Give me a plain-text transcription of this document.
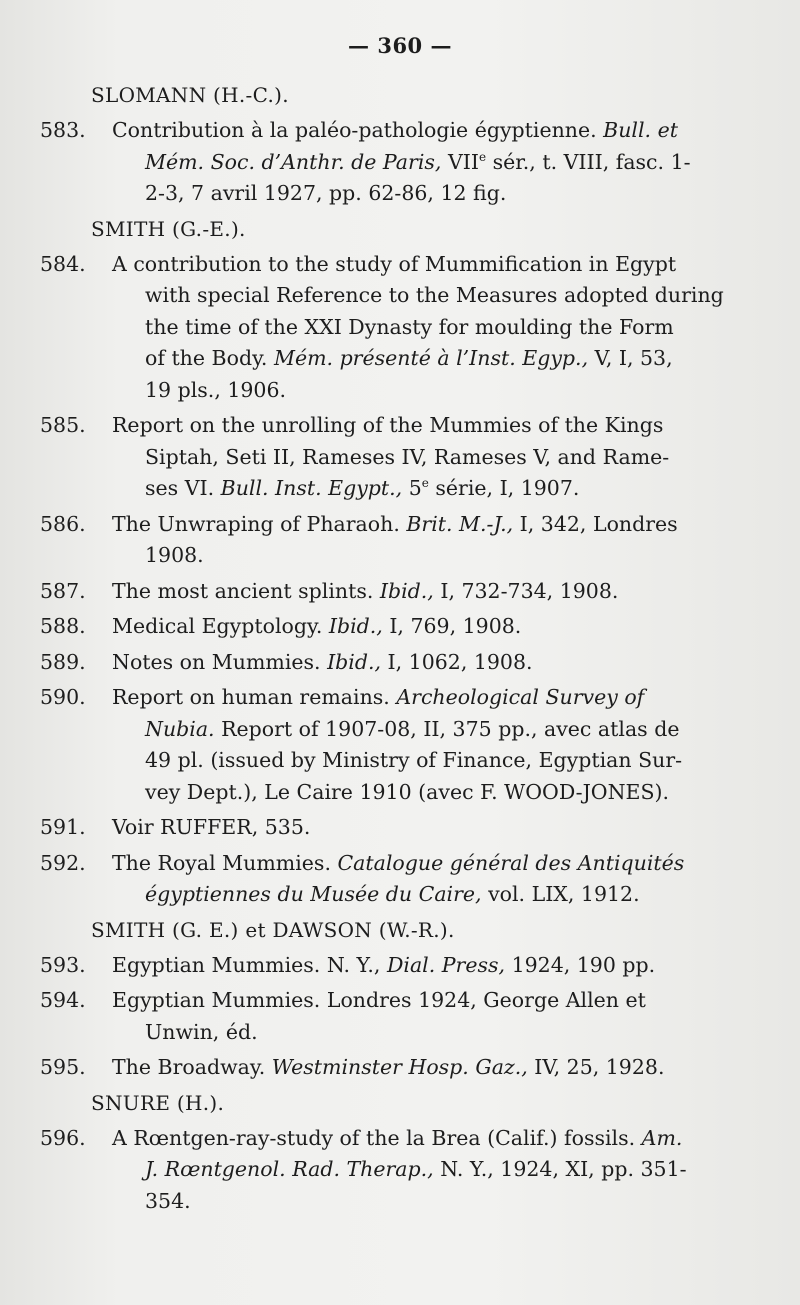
— 360 —
SLOMANN (H.-C.).
583. Contribution à la paléo-pathologie égyptienne. Bull. et
Mém. Soc. d’Anthr. de Paris, VIIe sér., t. VIII, fasc. 1-
2-3, 7 avril 1927, pp. 62-86, 12 fig.
SMITH (G.-E.).
584. A contribution to the study of Mummification in Egypt
with special Reference to the Measures adopted during
the time of the XXI Dynasty for moulding the Form
of the Body. Mém. présenté à l’Inst. Egyp., V, I, 53,
19 pls., 1906.
585. Report on the unrolling of the Mummies of the Kings
Siptah, Seti II, Rameses IV, Rameses V, and Rame-
ses VI. Bull. Inst. Egypt., 5e série, I, 1907.
586. The Unwraping of Pharaoh. Brit. M.-J., I, 342, Londres
1908.
587. The most ancient splints. Ibid., I, 732-734, 1908.
588. Medical Egyptology. Ibid., I, 769, 1908.
589. Notes on Mummies. Ibid., I, 1062, 1908.
590. Report on human remains. Archeological Survey of
Nubia. Report of 1907-08, II, 375 pp., avec atlas de
49 pl. (issued by Ministry of Finance, Egyptian Sur-
vey Dept.), Le Caire 1910 (avec F. WOOD-JONES).
591. Voir RUFFER, 535.
592. The Royal Mummies. Catalogue général des Antiquités
égyptiennes du Musée du Caire, vol. LIX, 1912.
SMITH (G. E.) et DAWSON (W.-R.).
593. Egyptian Mummies. N. Y., Dial. Press, 1924, 190 pp.
594. Egyptian Mummies. Londres 1924, George Allen et
Unwin, éd.
595. The Broadway. Westminster Hosp. Gaz., IV, 25, 1928.
SNURE (H.).
596. A Rœntgen-ray-study of the la Brea (Calif.) fossils. Am.
J. Rœntgenol. Rad. Therap., N. Y., 1924, XI, pp. 351-
354.
